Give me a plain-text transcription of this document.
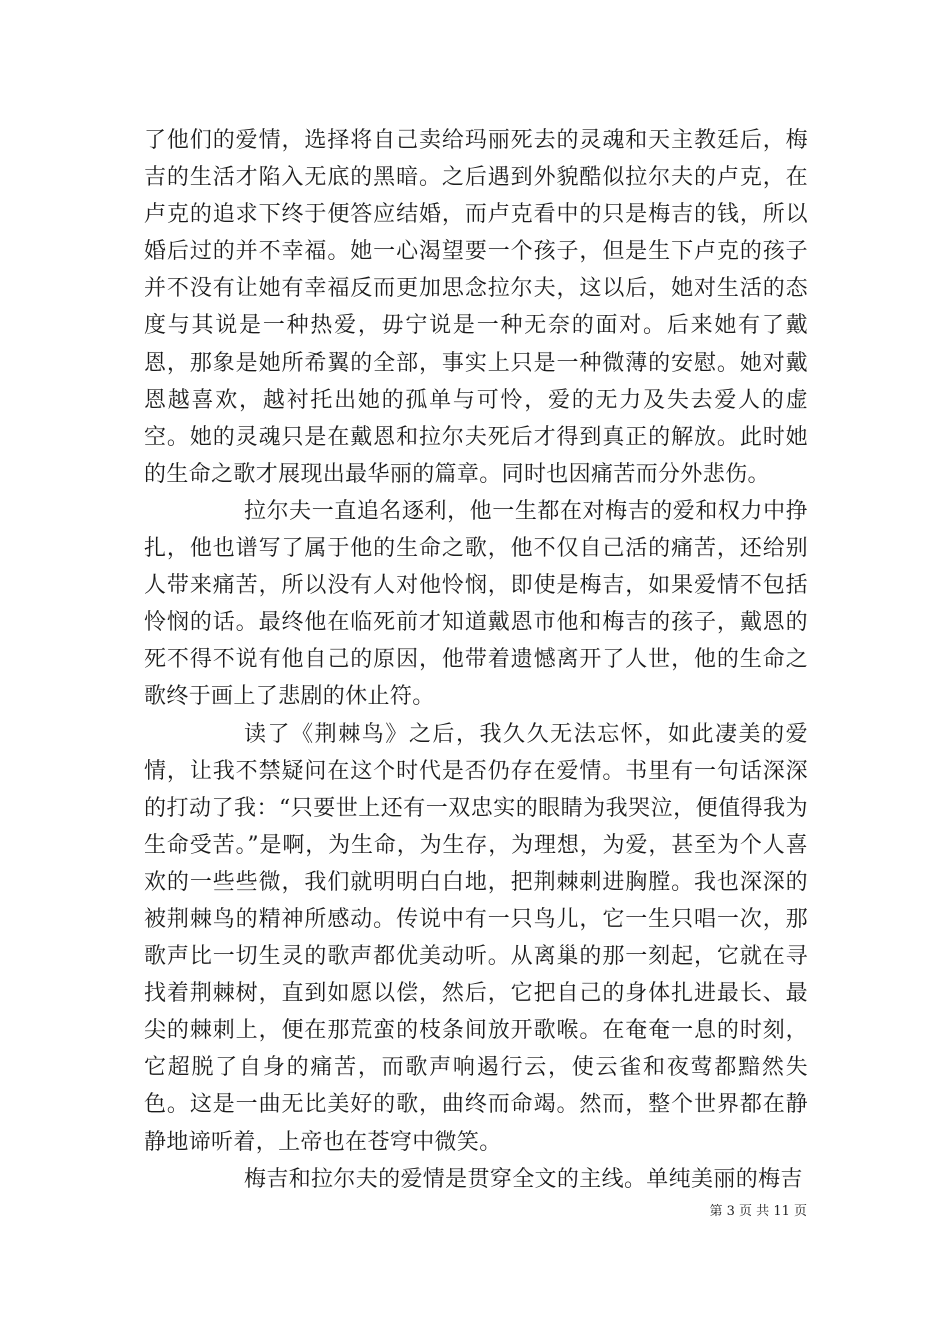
了他们的爱情，选择将自己卖给玛丽死去的灵魂和天主教廷后，梅吉的生活才陷入无底的黑暗。之后遇到外貌酷似拉尔夫的卢克，在卢克的追求下终于便答应结婚，而卢克看中的只是梅吉的钱，所以婚后过的并不幸福。她一心渴望要一个孩子，但是生下卢克的孩子并不没有让她有幸福反而更加思念拉尔夫，这以后，她对生活的态度与其说是一种热爱，毋宁说是一种无奈的面对。后来她有了戴恩，那象是她所希翼的全部，事实上只是一种微薄的安慰。她对戴恩越喜欢，越衬托出她的孤单与可怜，爱的无力及失去爱人的虚空。她的灵魂只是在戴恩和拉尔夫死后才得到真正的解放。此时她的生命之歌才展现出最华丽的篇章。同时也因痛苦而分外悲伤。

拉尔夫一直追名逐利，他一生都在对梅吉的爱和权力中挣扎，他也谱写了属于他的生命之歌，他不仅自己活的痛苦，还给别人带来痛苦，所以没有人对他怜悯，即使是梅吉，如果爱情不包括怜悯的话。最终他在临死前才知道戴恩市他和梅吉的孩子，戴恩的死不得不说有他自己的原因，他带着遗憾离开了人世，他的生命之歌终于画上了悲剧的休止符。

读了《荆棘鸟》之后，我久久无法忘怀，如此凄美的爱情，让我不禁疑问在这个时代是否仍存在爱情。书里有一句话深深的打动了我：“只要世上还有一双忠实的眼睛为我哭泣，便值得我为生命受苦。”是啊，为生命，为生存，为理想，为爱，甚至为个人喜欢的一些些微，我们就明明白白地，把荆棘刺进胸膛。我也深深的被荆棘鸟的精神所感动。传说中有一只鸟儿，它一生只唱一次，那歌声比一切生灵的歌声都优美动听。从离巢的那一刻起，它就在寻找着荆棘树，直到如愿以偿，然后，它把自己的身体扎进最长、最尖的棘刺上，便在那荒蛮的枝条间放开歌喉。在奄奄一息的时刻，它超脱了自身的痛苦，而歌声响遏行云，使云雀和夜莺都黯然失色。这是一曲无比美好的歌，曲终而命竭。然而，整个世界都在静静地谛听着，上帝也在苍穹中微笑。

梅吉和拉尔夫的爱情是贯穿全文的主线。单纯美丽的梅吉

第 3 页 共 11 页
